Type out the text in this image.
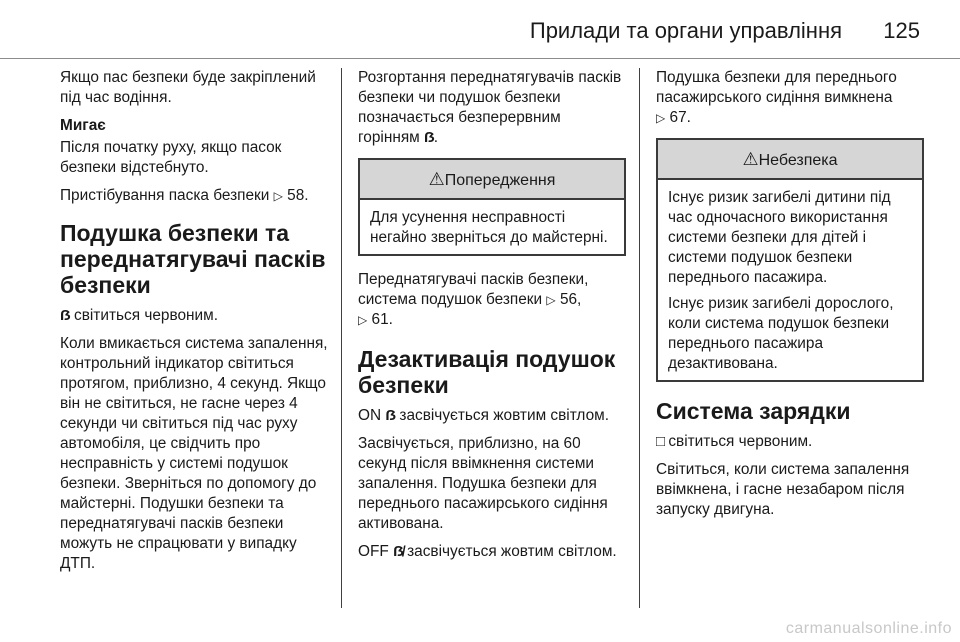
Прилади та органи управління 125

Якщо пас безпеки буде закріплений під час водіння.

Мигає

Після початку руху, якщо пасок безпеки відстебнуто.

Пристібування паска безпеки ▷ 58.

Подушка безпеки та переднатягувачі пасків безпеки

ẞ⁢ світиться червоним.

Коли вмикається система запалення, контрольний індикатор світиться протягом, приблизно, 4 секунд. Якщо він не світиться, не гасне через 4 секунди чи світиться під час руху автомобіля, це свідчить про несправність у системі подушок безпеки. Зверніться по допомогу до майстерні. Подушки безпеки та переднатягувачі пасків безпеки можуть не спрацювати у випадку ДТП.

Розгортання переднатягувачів пасків безпеки чи подушок безпеки позначається безперервним горінням ẞ.

⚠Попередження

Для усунення несправності негайно зверніться до майстерні.

Переднатягувачі пасків безпеки, система подушок безпеки ▷ 56,
▷ 61.

Дезактивація подушок безпеки

ON ẞ засвічується жовтим світлом.

Засвічується, приблизно, на 60 секунд після ввімкнення системи запалення. Подушка безпеки для переднього пасажирського сидіння активована.

OFF ẞ̸ засвічується жовтим світлом.

Подушка безпеки для переднього пасажирського сидіння вимкнена
▷ 67.

⚠Небезпека

Існує ризик загибелі дитини під час одночасного використання системи безпеки для дітей і системи подушок безпеки переднього пасажира.

Існує ризик загибелі дорослого, коли система подушок безпеки переднього пасажира дезактивована.

Система зарядки

□ світиться червоним.

Світиться, коли система запалення ввімкнена, і гасне незабаром після запуску двигуна.

carmanualsonline.info
